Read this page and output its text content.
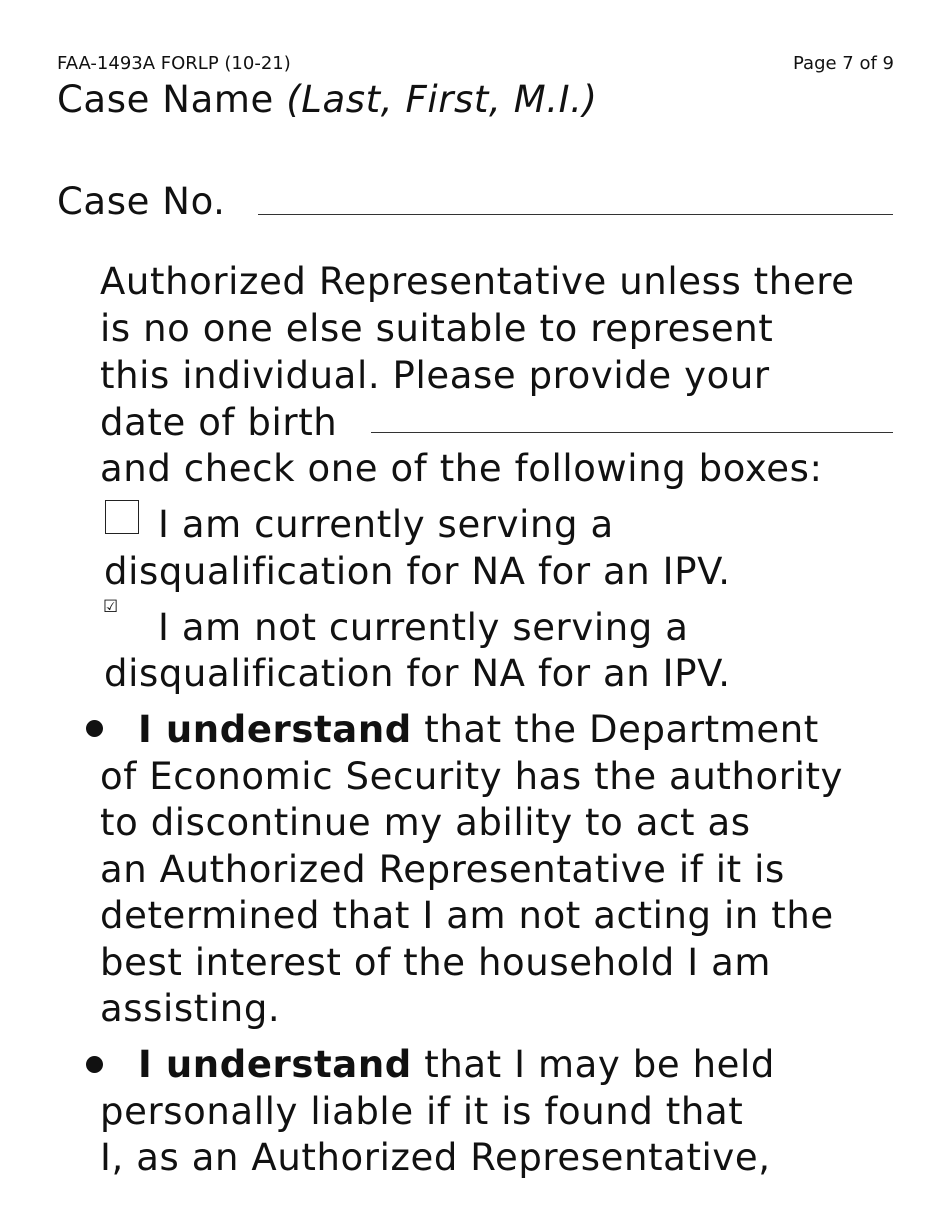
FAA-1493A FORLP (10-21)	Page 7 of 9
Case Name (Last, First, M.I.)
Case No.
Authorized Representative unless there
is no one else suitable to represent
this individual. Please provide your
date of birth
and check one of the following boxes:
I am currently serving a
disqualification for NA for an IPV.
☑ I am not currently serving a
disqualification for NA for an IPV.
I understand that the Department
of Economic Security has the authority
to discontinue my ability to act as
an Authorized Representative if it is
determined that I am not acting in the
best interest of the household I am
assisting.
I understand that I may be held
personally liable if it is found that
I, as an Authorized Representative,
